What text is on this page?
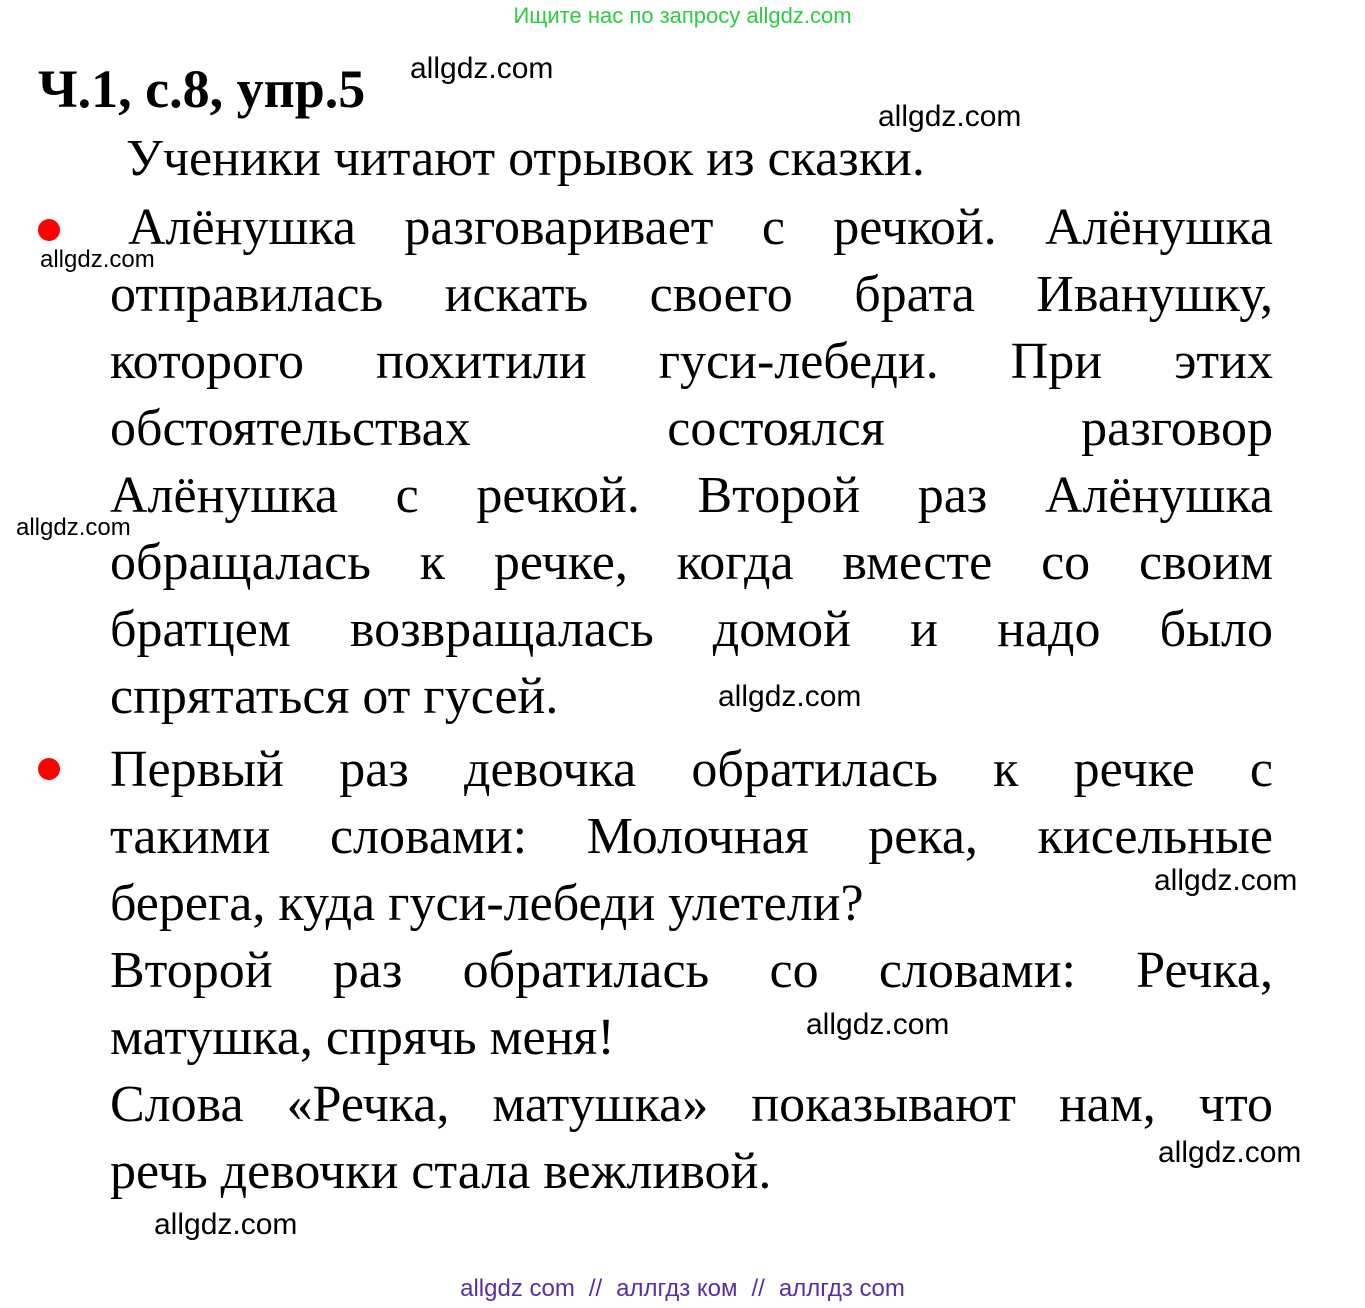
Ищите нас по запросу allgdz.com
Ч.1, с.8, упр.5 allgdz.com
allgdz.com
Ученики читают отрывок из сказки.
allgdz.com
Алёнушка разговаривает с речкой. Алёнушка
отправилась искать своего брата Иванушку,
которого похитили гуси-лебеди. При этих
обстоятельствах состоялся разговор
Алёнушка с речкой. Второй раз Алёнушка
обращалась к речке, когда вместе со своим
братцем возвращалась домой и надо было
спрятаться от гусей.
allgdz.com
allgdz.com
Первый раз девочка обратилась к речке с
такими словами: Молочная река, кисельные
берега, куда гуси-лебеди улетели?
Второй раз обратилась со словами: Речка,
матушка, спрячь меня!
Слова «Речка, матушка» показывают нам, что
речь девочки стала вежливой.
allgdz.com
allgdz.com
allgdz.com
allgdz.com
allgdz com // аллгдз ком // аллгдз com
